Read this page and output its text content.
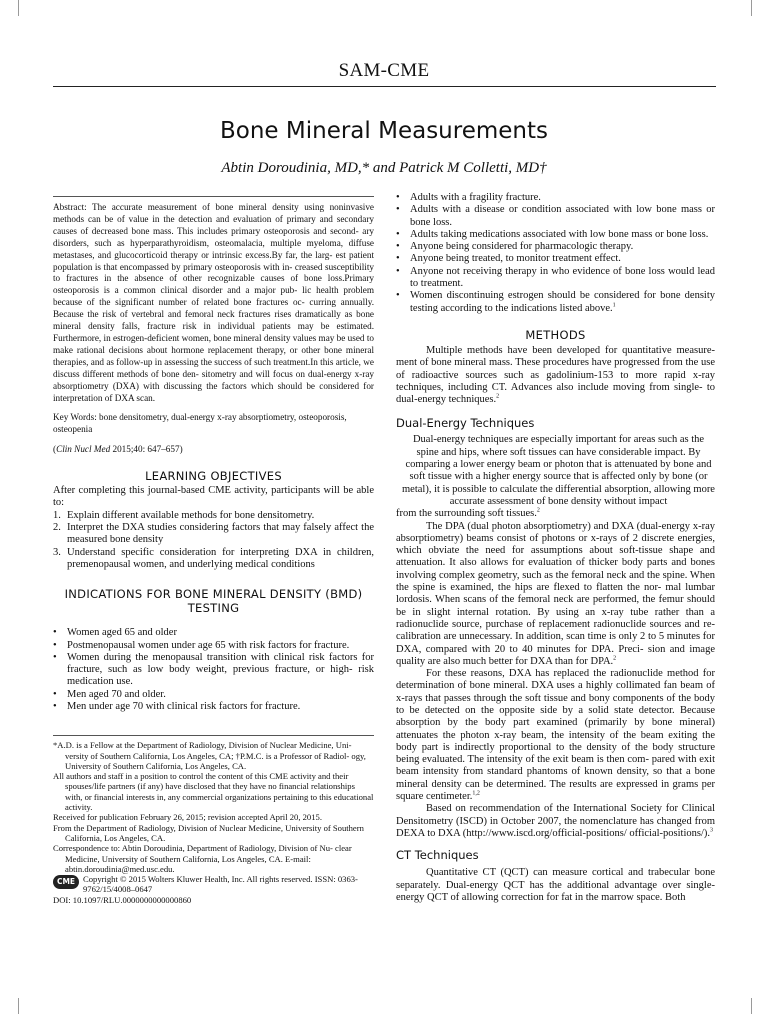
SAM-CME
Bone Mineral Measurements
Abtin Doroudinia, MD,* and Patrick M Colletti, MD†

Abstract: The accurate measurement of bone mineral density using noninvasive methods can be of value in the detection and evaluation of primary and secondary causes of decreased bone mass. This includes primary osteoporosis and second- ary disorders, such as hyperparathyroidism, osteomalacia, multiple myeloma, diffuse metastases, and glucocorticoid therapy or intrinsic excess.By far, the larg- est patient population is that encompassed by primary osteoporosis with in- creased susceptibility to fractures in the absence of other recognizable causes of bone loss.Primary osteoporosis is a common clinical disorder and a major pub- lic health problem because of the significant number of related bone fractures oc- curring annually. Because the risk of vertebral and femoral neck fractures rises dramatically as bone mineral density falls, fracture risk in individual patients may be estimated. Furthermore, in estrogen-deficient women, bone mineral density values may be used to make rational decisions about hormone replacement therapy, or other bone mineral therapies, and as follow-up in assessing the success of such treatment.In this article, we discuss different methods of bone den- sitometry and will focus on dual-energy x-ray absorptiometry (DXA) with discussing the factors which should be considered for interpretation of DXA scan.

Key Words: bone densitometry, dual-energy x-ray absorptiometry, osteoporosis, osteopenia

(Clin Nucl Med 2015;40: 647–657)

LEARNING OBJECTIVES

After completing this journal-based CME activity, participants will be able to:

1. Explain different available methods for bone densitometry.
2. Interpret the DXA studies considering factors that may falsely affect the measured bone density
3. Understand specific consideration for interpreting DXA in children, premenopausal women, and underlying medical conditions
INDICATIONS FOR BONE MINERAL DENSITY (BMD) TESTING
• Women aged 65 and older
• Postmenopausal women under age 65 with risk factors for fracture.
• Women during the menopausal transition with clinical risk factors for fracture, such as low body weight, previous fracture, or high- risk medication use.
• Men aged 70 and older.
• Men under age 70 with clinical risk factors for fracture.
*A.D. is a Fellow at the Department of Radiology, Division of Nuclear Medicine, Uni- versity of Southern California, Los Angeles, CA; †P.M.C. is a Professor of Radiol- ogy, University of Southern California, Los Angeles, CA.
All authors and staff in a position to control the content of this CME activity and their spouses/life partners (if any) have disclosed that they have no financial relationships with, or financial interests in, any commercial organizations pertaining to this educational activity.
Received for publication February 26, 2015; revision accepted April 20, 2015.
From the Department of Radiology, Division of Nuclear Medicine, University of Southern California, Los Angeles, CA.
Correspondence to: Abtin Doroudinia, Department of Radiology, Division of Nu- clear Medicine, University of Southern California, Los Angeles, CA. E-mail: abtin.doroudinia@med.usc.edu.
CME Copyright © 2015 Wolters Kluwer Health, Inc. All rights reserved. ISSN: 0363-9762/15/4008–0647
DOI: 10.1097/RLU.0000000000000860
• Adults with a fragility fracture.
• Adults with a disease or condition associated with low bone mass or bone loss.
• Adults taking medications associated with low bone mass or bone loss.
• Anyone being considered for pharmacologic therapy.
• Anyone being treated, to monitor treatment effect.
• Anyone not receiving therapy in who evidence of bone loss would lead to treatment.
• Women discontinuing estrogen should be considered for bone density testing according to the indications listed above.$^1$
METHODS

Multiple methods have been developed for quantitative measure- ment of bone mineral mass. These procedures have progressed from the use of radioactive sources such as gadolinium-153 to more rapid x-ray techniques, including CT. Advances also include moving from single- to dual-energy techniques.$^2$

Dual-Energy Techniques

Dual-energy techniques are especially important for areas such as the spine and hips, where soft tissues can have considerable impact. By comparing a lower energy beam or photon that is attenuated by bone and soft tissue with a higher energy source that is affected only by bone (or metal), it is possible to calculate the differential absorption, allowing more accurate assessment of bone density without impact

from the surrounding soft tissues.$^2$

The DPA (dual photon absorptiometry) and DXA (dual-energy x-ray absorptiometry) beams consist of photons or x-rays of 2 discrete energies, which obviate the need for assumptions about soft-tissue shape and attenuation. It also allows for evaluation of thicker body parts and bones involving complex geometry, such as the femoral neck and the spine. When the spine is examined, the hips are flexed to flatten the nor- mal lumbar lordosis. When scans of the femoral neck are performed, the femur should be in slight internal rotation. By using an x-ray tube rather than a radionuclide source, purchase of replacement radionuclide sources and re-calibration are unnecessary. In addition, scan time is only 2 to 5 minutes for DXA, compared with 20 to 40 minutes for DPA. Preci- sion and image quality are also much better for DXA than for DPA.$^2$

For these reasons, DXA has replaced the radionuclide method for determination of bone mineral. DXA uses a highly collimated fan beam of x-rays that passes through the soft tissue and bony components of the body to be detected on the opposite side by a solid state detector. Because absorption by the body part examined (primarily by bone mineral) attenuates the photon x-ray beam, the intensity of the beam exiting the body part is indirectly proportional to the density of the body structure being evaluated. The intensity of the exit beam is then com- pared with exit beam intensity from standard phantoms of known density, so that a bone mineral density can be determined. The results are expressed in grams per square centimeter.$^{1,2}$

Based on recommendation of the International Society for Clinical Densitometry (ISCD) in October 2007, the nomenclature has changed from DEXA to DXA (http://www.iscd.org/official-positions/ official-positions/).$^3$

CT Techniques

Quantitative CT (QCT) can measure cortical and trabecular bone separately. Dual-energy QCT has the additional advantage over single-energy QCT of allowing correction for fat in the marrow space. Both
